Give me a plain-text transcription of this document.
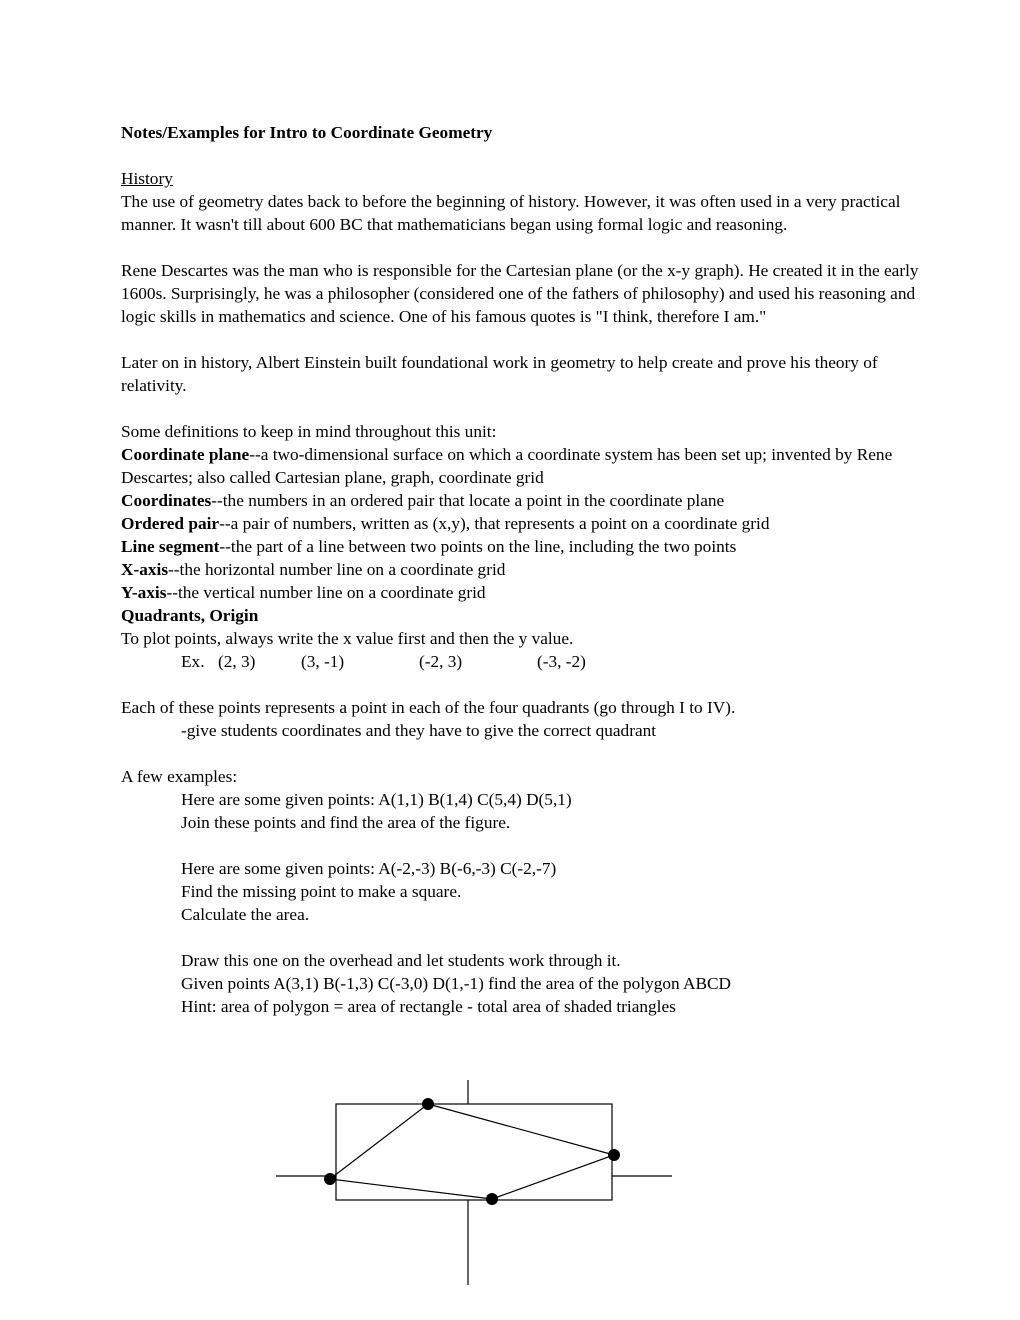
Notes/Examples for Intro to Coordinate Geometry

History

The use of geometry dates back to before the beginning of history. However, it was often used in a very practical manner. It wasn't till about 600 BC that mathematicians began using formal logic and reasoning.

Rene Descartes was the man who is responsible for the Cartesian plane (or the x-y graph). He created it in the early 1600s. Surprisingly, he was a philosopher (considered one of the fathers of philosophy) and used his reasoning and logic skills in mathematics and science. One of his famous quotes is "I think, therefore I am."

Later on in history, Albert Einstein built foundational work in geometry to help create and prove his theory of relativity.

Some definitions to keep in mind throughout this unit:

Coordinate plane--a two-dimensional surface on which a coordinate system has been set up; invented by Rene Descartes; also called Cartesian plane, graph, coordinate grid

Coordinates--the numbers in an ordered pair that locate a point in the coordinate plane

Ordered pair--a pair of numbers, written as (x,y), that represents a point on a coordinate grid

Line segment--the part of a line between two points on the line, including the two points

X-axis--the horizontal number line on a coordinate grid

Y-axis--the vertical number line on a coordinate grid

Quadrants, Origin

To plot points, always write the x value first and then the y value.

Ex. (2, 3)	(3, -1)	(-2, 3)	(-3, -2)

Each of these points represents a point in each of the four quadrants (go through I to IV).

-give students coordinates and they have to give the correct quadrant

A few examples:

Here are some given points: A(1,1) B(1,4) C(5,4) D(5,1)

Join these points and find the area of the figure.

Here are some given points: A(-2,-3) B(-6,-3) C(-2,-7)

Find the missing point to make a square.

Calculate the area.

Draw this one on the overhead and let students work through it.

Given points A(3,1) B(-1,3) C(-3,0) D(1,-1) find the area of the polygon ABCD

Hint: area of polygon = area of rectangle - total area of shaded triangles
